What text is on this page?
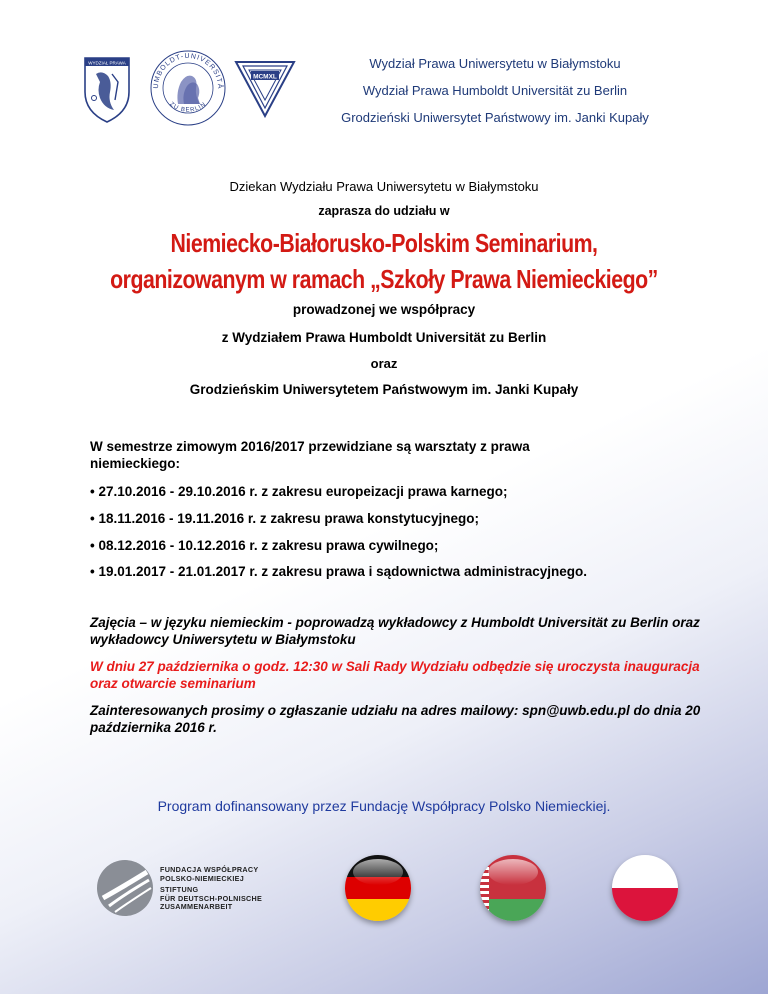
WYDZIAŁ PRAWA
UMBOLDT-UNIVERSITÄ
ZU BERLIN
MCMXL
Wydział Prawa Uniwersytetu w Białymstoku
Wydział Prawa Humboldt Universität zu Berlin
Grodzieński Uniwersytet Państwowy im. Janki Kupały
Dziekan Wydziału Prawa Uniwersytetu w Białymstoku
zaprasza do udziału w
Niemiecko-Białorusko-Polskim Seminarium,
organizowanym w ramach „Szkoły Prawa Niemieckiego”
prowadzonej we współpracy
z Wydziałem Prawa Humboldt Universität zu Berlin
oraz
Grodzieńskim Uniwersytetem Państwowym im. Janki Kupały
W semestrze zimowym 2016/2017 przewidziane są warsztaty z prawa niemieckiego:
• 27.10.2016 - 29.10.2016 r. z zakresu europeizacji prawa karnego;
• 18.11.2016 - 19.11.2016 r. z zakresu prawa konstytucyjnego;
• 08.12.2016 - 10.12.2016 r. z zakresu prawa cywilnego;
• 19.01.2017 - 21.01.2017 r. z zakresu prawa i sądownictwa administracyjnego.
Zajęcia – w języku niemieckim - poprowadzą wykładowcy z Humboldt Universität zu Berlin oraz wykładowcy Uniwersytetu w Białymstoku
W dniu 27 października o godz. 12:30 w Sali Rady Wydziału odbędzie się uroczysta inauguracja oraz otwarcie seminarium
Zainteresowanych prosimy o zgłaszanie udziału na adres mailowy: spn@uwb.edu.pl do dnia 20 października 2016 r.
Program dofinansowany przez Fundację Współpracy Polsko Niemieckiej.
FUNDACJA WSPÓŁPRACY
POLSKO-NIEMIECKIEJ
STIFTUNG
FÜR DEUTSCH-POLNISCHE
ZUSAMMENARBEIT
